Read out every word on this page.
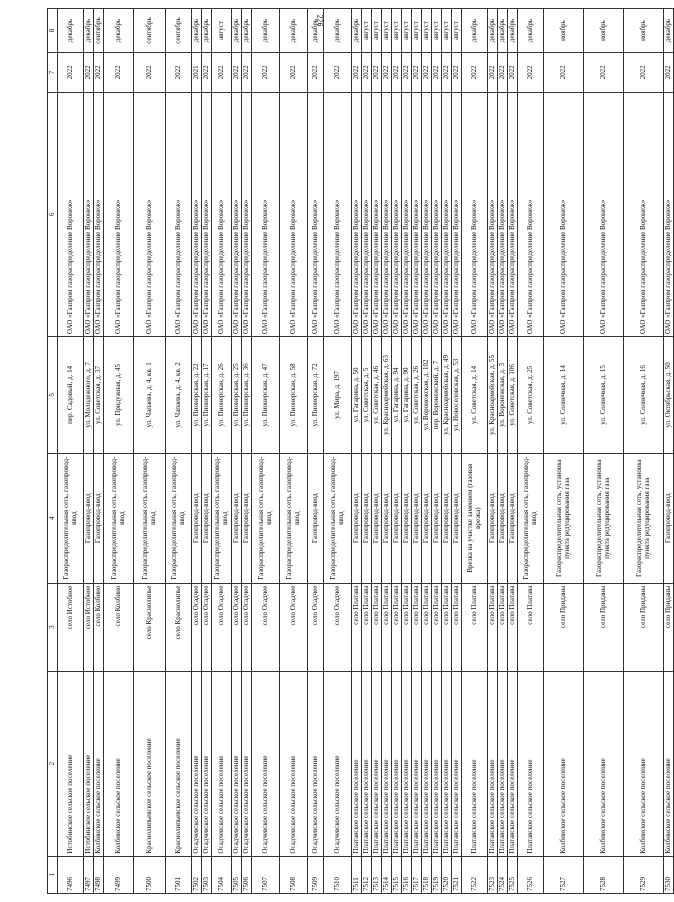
226
1	2	3	4	5	6	7	8
7496	Истобинское сельское поселение	село Истобное	Газораспределительная сеть, газопровод-ввод	пер. Садовый, д. 14	ОАО «Газпром газораспределение Воронеж»	2022	декабрь
7497	Истобинское сельское поселение	село Истобное	Газопровод-ввод	ул. Молодежного, д. 7	ОАО «Газпром газораспределение Воронеж»	2022	декабрь
7498	Колбинское сельское поселение	село Колбино	Газопровод-ввод	ул. Советская, д. 37	ОАО «Газпром газораспределение Воронеж»	2022	сентябрь
7499	Колбинское сельское поселение	село Колбино	Газораспределительная сеть, газопровод-ввод	ул. Придужная, д. 45	ОАО «Газпром газораспределение Воронеж»	2022	декабрь
7500	Краснолипьевское сельское поселение	село Краснолипье	Газораспределительная сеть, газопровод-ввод	ул. Чапаева, д. 4, кв. 1	ОАО «Газпром газораспределение Воронеж»	2022	сентябрь
7501	Краснолипьевское сельское поселение	село Краснолипье	Газораспределительная сеть, газопровод-ввод	ул. Чапаева, д. 4, кв. 2	ОАО «Газпром газораспределение Воронеж»	2022	сентябрь
7502	Осадчевское сельское поселение	село Осадчее	Газопровод-ввод	ул. Пионерская, д. 22	ОАО «Газпром газораспределение Воронеж»	2021	декабрь
7503	Осадчевское сельское поселение	село Осадчее	Газопровод-ввод	ул. Пионерская, д. 17	ОАО «Газпром газораспределение Воронеж»	2022	декабрь
7504	Осадчевское сельское поселение	село Осадчее	Газораспределительная сеть, газопровод-ввод	ул. Пионерская, д. 26	ОАО «Газпром газораспределение Воронеж»	2022	август
7505	Осадчевское сельское поселение	село Осадчее	Газопровод-ввод	ул. Пионерская, д. 25	ОАО «Газпром газораспределение Воронеж»	2022	декабрь
7506	Осадчевское сельское поселение	село Осадчее	Газопровод-ввод	ул. Пионерская, д. 36	ОАО «Газпром газораспределение Воронеж»	2022	декабрь
7507	Осадчевское сельское поселение	село Осадчее	Газораспределительная сеть, газопровод-ввод	ул. Пионерская, д. 47	ОАО «Газпром газораспределение Воронеж»	2022	декабрь
7508	Осадчевское сельское поселение	село Осадчее	Газораспределительная сеть, газопровод-ввод	ул. Пионерская, д. 58	ОАО «Газпром газораспределение Воронеж»	2022	декабрь
7509	Осадчевское сельское поселение	село Осадчее	Газопровод-ввод	ул. Пионерская, д. 72	ОАО «Газпром газораспределение Воронеж»	2022	декабрь
7510	Осадчевское сельское поселение	село Осадчее	Газораспределительная сеть, газопровод-ввод	ул. Мира, д. 197	ОАО «Газпром газораспределение Воронеж»	2022	декабрь
7511	Платавское сельское поселение	село Платава	Газопровод-ввод	ул. Гагарина, д. 50	ОАО «Газпром газораспределение Воронеж»	2022	декабрь
7512	Платавское сельское поселение	село Платава	Газопровод-ввод	ул. Советская, д. 5	ОАО «Газпром газораспределение Воронеж»	2022	август
7513	Платавское сельское поселение	село Платава	Газопровод-ввод	ул. Советская, д. 46	ОАО «Газпром газораспределение Воронеж»	2022	август
7514	Платавское сельское поселение	село Платава	Газопровод-ввод	ул. Красноармейская, д. 63	ОАО «Газпром газораспределение Воронеж»	2022	август
7515	Платавское сельское поселение	село Платава	Газопровод-ввод	ул. Гагарина, д. 94	ОАО «Газпром газораспределение Воронеж»	2022	август
7516	Платавское сельское поселение	село Платава	Газопровод-ввод	ул. Гагарина, д. 90	ОАО «Газпром газораспределение Воронеж»	2022	август
7517	Платавское сельское поселение	село Платава	Газопровод-ввод	ул. Советская, д. 26	ОАО «Газпром газораспределение Воронеж»	2022	август
7518	Платавское сельское поселение	село Платава	Газопровод-ввод	ул. Воронежская, д. 102	ОАО «Газпром газораспределение Воронеж»	2022	август
7519	Платавское сельское поселение	село Платава	Газопровод-ввод	пер. Воронежский, д. 7	ОАО «Газпром газораспределение Воронеж»	2022	август
7520	Платавское сельское поселение	село Платава	Газопровод-ввод	ул. Красноармейская, д. 49	ОАО «Газпром газораспределение Воронеж»	2022	август
7521	Платавское сельское поселение	село Платава	Газопровод-ввод	ул. Новоселовская, д. 53	ОАО «Газпром газораспределение Воронеж»	2022	август
7522	Платавское сельское поселение	село Платава	Врезка на участке заменяем (газовая врезка)	ул. Советская, д. 14	ОАО «Газпром газораспределение Воронеж»	2022	декабрь
7523	Платавское сельское поселение	село Платава	Газопровод-ввод	ул. Красноармейская, д. 55	ОАО «Газпром газораспределение Воронеж»	2022	декабрь
7524	Платавское сельское поселение	село Платава	Газопровод-ввод	ул. Воронежская, д. 3	ОАО «Газпром газораспределение Воронеж»	2022	декабрь
7525	Платавское сельское поселение	село Платава	Газопровод-ввод	ул. Советская, д. 106	ОАО «Газпром газораспределение Воронеж»	2022	декабрь
7526	Платавское сельское поселение	село Платава	Газораспределительная сеть, газопровод-ввод	ул. Советская, д. 25	ОАО «Газпром газораспределение Воронеж»	2022	декабрь
7527	Колбинское сельское поселение	село Приданы	Газораспределительная сеть, установка пункта редуцирования газа	ул. Солнечная, д. 14	ОАО «Газпром газораспределение Воронеж»	2022	ноябрь
7528	Колбинское сельское поселение	село Приданы	Газораспределительная сеть, установка пункта редуцирования газа	ул. Солнечная, д. 15	ОАО «Газпром газораспределение Воронеж»	2022	ноябрь
7529	Колбинское сельское поселение	село Приданы	Газораспределительная сеть, установка пункта редуцирования газа	ул. Солнечная, д. 16	ОАО «Газпром газораспределение Воронеж»	2022	ноябрь
7530	Колбинское сельское поселение	село Приданы	Газопровод-ввод	ул. Октябрьская, д. 50	ОАО «Газпром газораспределение Воронеж»	2022	декабрь
